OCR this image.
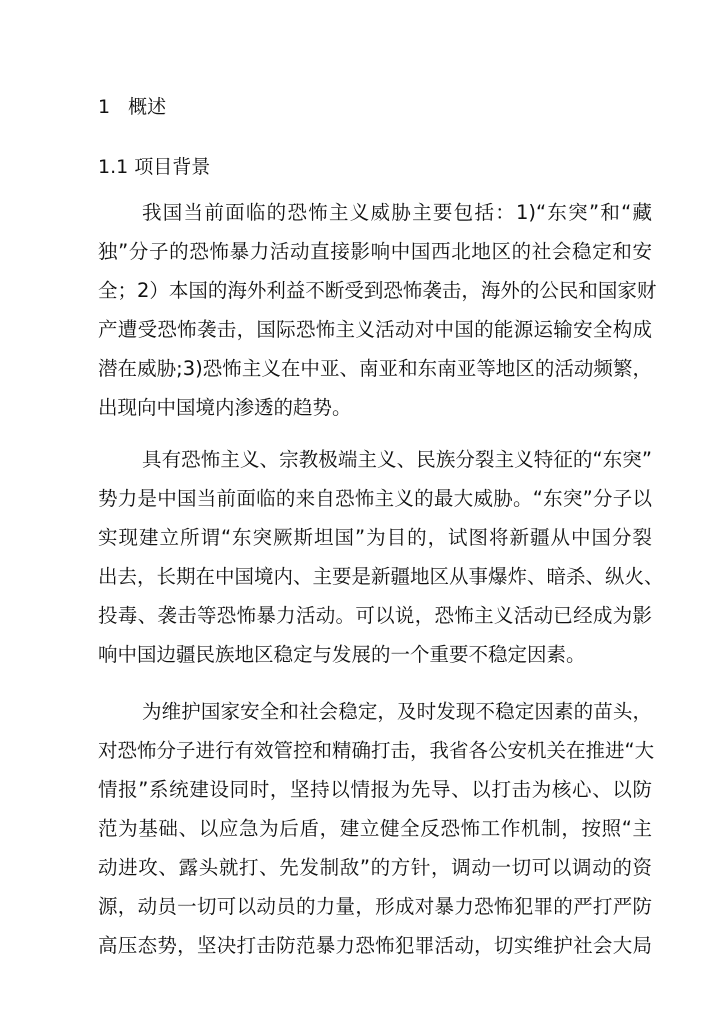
1 概述
1.1 项目背景
我国当前面临的恐怖主义威胁主要包括：1)“东突”和“藏
独”分子的恐怖暴力活动直接影响中国西北地区的社会稳定和安
全；2）本国的海外利益不断受到恐怖袭击，海外的公民和国家财
产遭受恐怖袭击，国际恐怖主义活动对中国的能源运输安全构成
潜在威胁;3)恐怖主义在中亚、南亚和东南亚等地区的活动频繁，
出现向中国境内渗透的趋势。
具有恐怖主义、宗教极端主义、民族分裂主义特征的“东突”
势力是中国当前面临的来自恐怖主义的最大威胁。“东突”分子以
实现建立所谓“东突厥斯坦国”为目的，试图将新疆从中国分裂
出去，长期在中国境内、主要是新疆地区从事爆炸、暗杀、纵火、
投毒、袭击等恐怖暴力活动。可以说，恐怖主义活动已经成为影
响中国边疆民族地区稳定与发展的一个重要不稳定因素。
为维护国家安全和社会稳定，及时发现不稳定因素的苗头，
对恐怖分子进行有效管控和精确打击，我省各公安机关在推进“大
情报”系统建设同时，坚持以情报为先导、以打击为核心、以防
范为基础、以应急为后盾，建立健全反恐怖工作机制，按照“主
动进攻、露头就打、先发制敌”的方针，调动一切可以调动的资
源，动员一切可以动员的力量，形成对暴力恐怖犯罪的严打严防
高压态势，坚决打击防范暴力恐怖犯罪活动，切实维护社会大局
